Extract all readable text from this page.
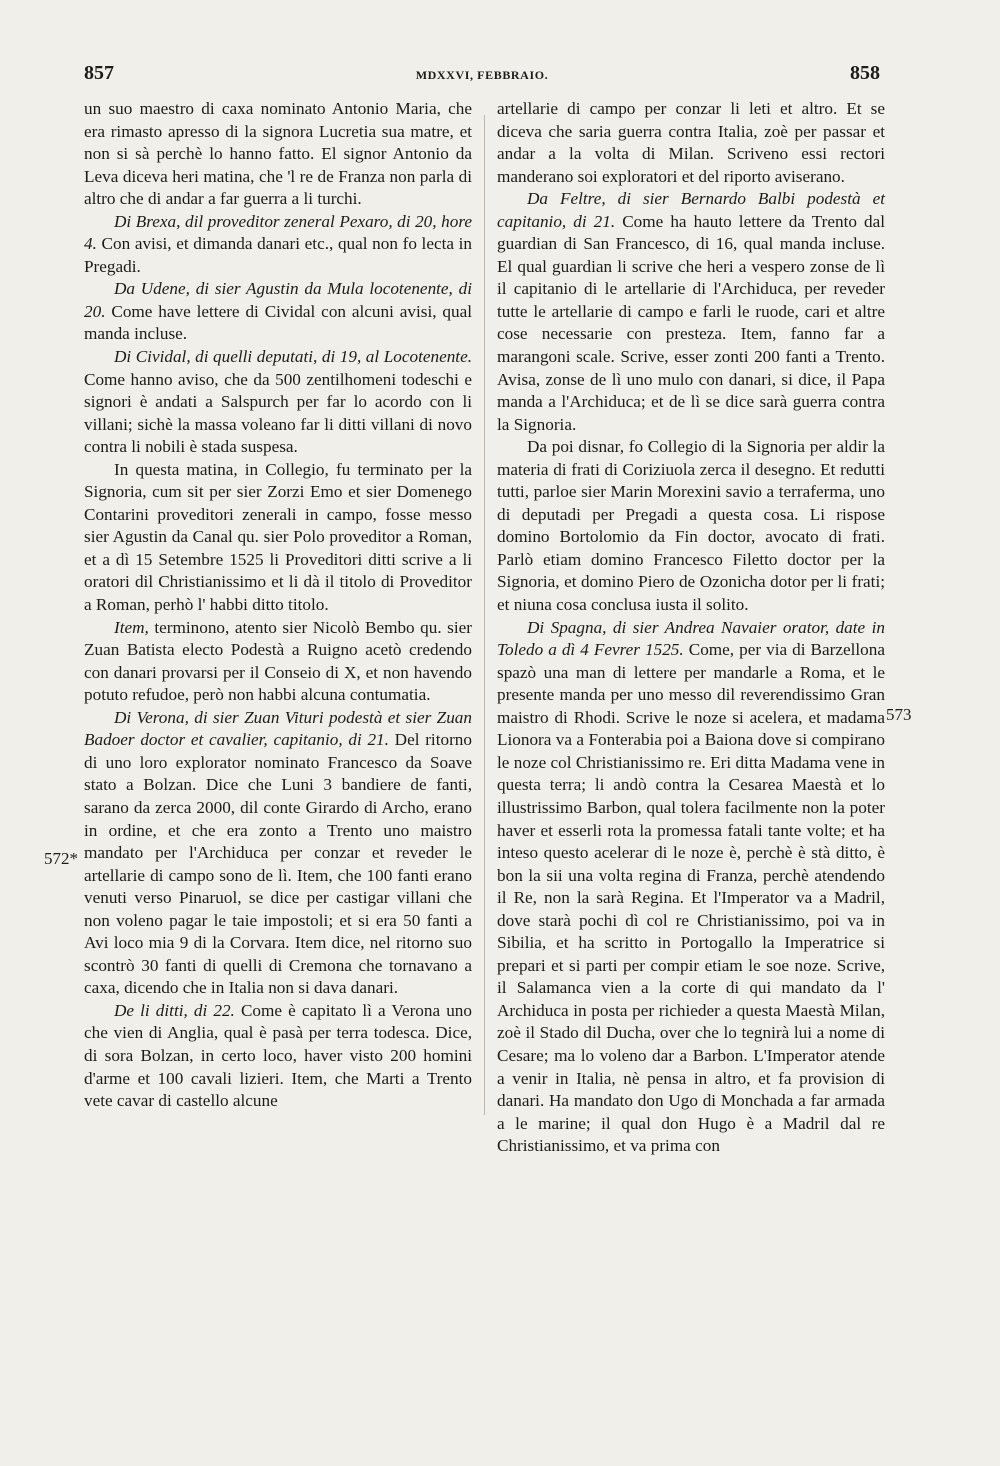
857	MDXXVI, FEBBRAIO.	858
572*
573

un suo maestro di caxa nominato Antonio Maria, che era rimasto apresso di la signora Lucretia sua matre, et non si sà perchè lo hanno fatto. El signor Antonio da Leva diceva heri matina, che 'l re de Franza non parla di altro che di andar a far guerra a li turchi.

Di Brexa, dil proveditor zeneral Pexaro, di 20, hore 4. Con avisi, et dimanda danari etc., qual non fo lecta in Pregadi.

Da Udene, di sier Agustin da Mula locotenente, di 20. Come have lettere di Cividal con alcuni avisi, qual manda incluse.

Di Cividal, di quelli deputati, di 19, al Locotenente. Come hanno aviso, che da 500 zentilhomeni todeschi e signori è andati a Salspurch per far lo acordo con li villani; sichè la massa voleano far li ditti villani di novo contra li nobili è stada suspesa.

In questa matina, in Collegio, fu terminato per la Signoria, cum sit per sier Zorzi Emo et sier Domenego Contarini proveditori zenerali in campo, fosse messo sier Agustin da Canal qu. sier Polo proveditor a Roman, et a dì 15 Setembre 1525 li Proveditori ditti scrive a li oratori dil Christianissimo et li dà il titolo di Proveditor a Roman, perhò l' habbi ditto titolo.

Item, terminono, atento sier Nicolò Bembo qu. sier Zuan Batista electo Podestà a Ruigno acetò credendo con danari provarsi per il Conseio di X, et non havendo potuto refudoe, però non habbi alcuna contumatia.

Di Verona, di sier Zuan Vituri podestà et sier Zuan Badoer doctor et cavalier, capitanio, di 21. Del ritorno di uno loro explorator nominato Francesco da Soave stato a Bolzan. Dice che Luni 3 bandiere de fanti, sarano da zerca 2000, dil conte Girardo di Archo, erano in ordine, et che era zonto a Trento uno maistro mandato per l'Archiduca per conzar et reveder le artellarie di campo sono de lì. Item, che 100 fanti erano venuti verso Pinaruol, se dice per castigar villani che non voleno pagar le taie impostoli; et si era 50 fanti a Avi loco mia 9 di la Corvara. Item dice, nel ritorno suo scontrò 30 fanti di quelli di Cremona che tornavano a caxa, dicendo che in Italia non si dava danari.

De li ditti, di 22. Come è capitato lì a Verona uno che vien di Anglia, qual è pasà per terra todesca. Dice, di sora Bolzan, in certo loco, haver visto 200 homini d'arme et 100 cavali lizieri. Item, che Marti a Trento vete cavar di castello alcune

artellarie di campo per conzar li leti et altro. Et se diceva che saria guerra contra Italia, zoè per passar et andar a la volta di Milan. Scriveno essi rectori manderano soi exploratori et del riporto aviserano.

Da Feltre, di sier Bernardo Balbi podestà et capitanio, di 21. Come ha hauto lettere da Trento dal guardian di San Francesco, di 16, qual manda incluse. El qual guardian li scrive che heri a vespero zonse de lì il capitanio di le artellarie di l'Archiduca, per reveder tutte le artellarie di campo e farli le ruode, cari et altre cose necessarie con presteza. Item, fanno far a marangoni scale. Scrive, esser zonti 200 fanti a Trento. Avisa, zonse de lì uno mulo con danari, si dice, il Papa manda a l'Archiduca; et de lì se dice sarà guerra contra la Signoria.

Da poi disnar, fo Collegio di la Signoria per aldir la materia di frati di Coriziuola zerca il desegno. Et redutti tutti, parloe sier Marin Morexini savio a terraferma, uno di deputadi per Pregadi a questa cosa. Li rispose domino Bortolomio da Fin doctor, avocato di frati. Parlò etiam domino Francesco Filetto doctor per la Signoria, et domino Piero de Ozonicha dotor per li frati; et niuna cosa conclusa iusta il solito.

Di Spagna, di sier Andrea Navaier orator, date in Toledo a dì 4 Fevrer 1525. Come, per via di Barzellona spazò una man di lettere per mandarle a Roma, et le presente manda per uno messo dil reverendissimo Gran maistro di Rhodi. Scrive le noze si acelera, et madama Lionora va a Fonterabia poi a Baiona dove si compirano le noze col Christianissimo re. Eri ditta Madama vene in questa terra; li andò contra la Cesarea Maestà et lo illustrissimo Barbon, qual tolera facilmente non la poter haver et esserli rota la promessa fatali tante volte; et ha inteso questo acelerar di le noze è, perchè è stà ditto, è bon la sii una volta regina di Franza, perchè atendendo il Re, non la sarà Regina. Et l'Imperator va a Madril, dove starà pochi dì col re Christianissimo, poi va in Sibilia, et ha scritto in Portogallo la Imperatrice si prepari et si parti per compir etiam le soe noze. Scrive, il Salamanca vien a la corte di qui mandato da l' Archiduca in posta per richieder a questa Maestà Milan, zoè il Stado dil Ducha, over che lo tegnirà lui a nome di Cesare; ma lo voleno dar a Barbon. L'Imperator atende a venir in Italia, nè pensa in altro, et fa provision di danari. Ha mandato don Ugo di Monchada a far armada a le marine; il qual don Hugo è a Madril dal re Christianissimo, et va prima con
